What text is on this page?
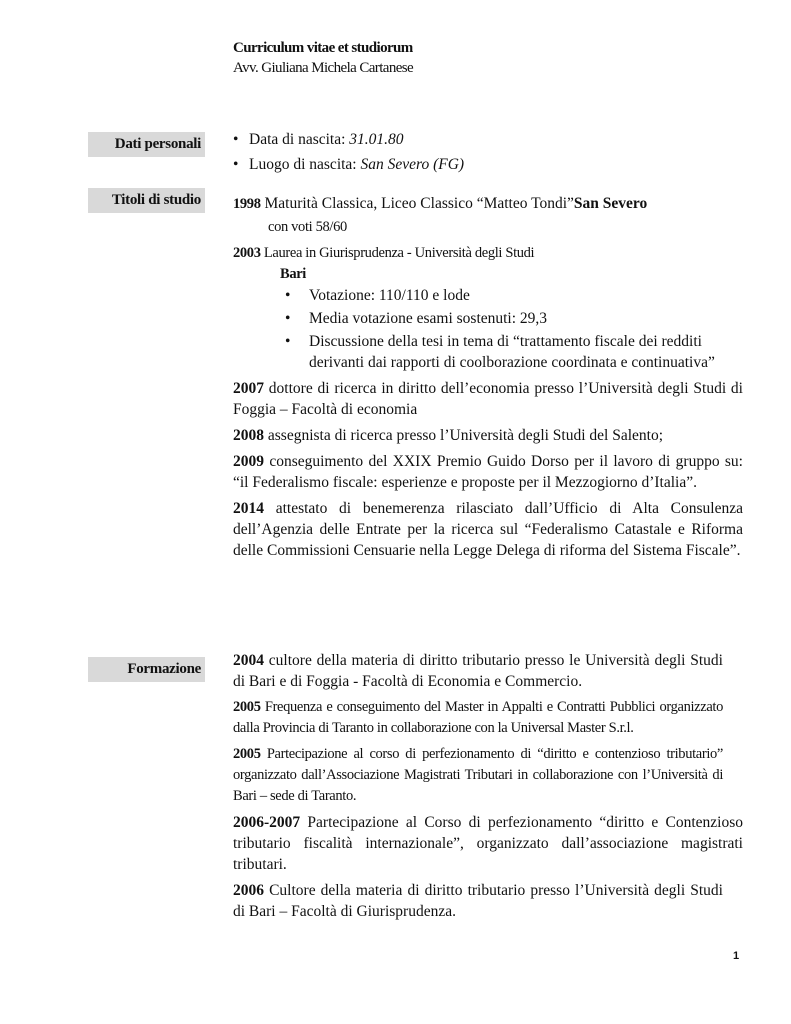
Curriculum vitae et studiorum
Avv. Giuliana Michela Cartanese
Dati personali • Data di nascita: 31.01.80
• Luogo di nascita: San Severo (FG)
Titoli di studio 1998 Maturità Classica, Liceo Classico “Matteo Tondi”San Severo

con voti 58/60

2003 Laurea in Giurisprudenza - Università degli Studi

Bari

• Votazione: 110/110 e lode
• Media votazione esami sostenuti: 29,3
• Discussione della tesi in tema di “trattamento fiscale dei redditi derivanti dai rapporti di coolborazione coordinata e continuativa”

2007 dottore di ricerca in diritto dell’economia presso l’Università degli Studi di Foggia – Facoltà di economia

2008 assegnista di ricerca presso l’Università degli Studi del Salento;

2009 conseguimento del XXIX Premio Guido Dorso per il lavoro di gruppo su: “il Federalismo fiscale: esperienze e proposte per il Mezzogiorno d’Italia”.

2014 attestato di benemerenza rilasciato dall’Ufficio di Alta Consulenza dell’Agenzia delle Entrate per la ricerca sul “Federalismo Catastale e Riforma delle Commissioni Censuarie nella Legge Delega di riforma del Sistema Fiscale”.

Formazione 2004 cultore della materia di diritto tributario presso le Università degli Studi di Bari e di Foggia - Facoltà di Economia e Commercio.

2005 Frequenza e conseguimento del Master in Appalti e Contratti Pubblici organizzato dalla Provincia di Taranto in collaborazione con la Universal Master S.r.l.

2005 Partecipazione al corso di perfezionamento di “diritto e contenzioso tributario” organizzato dall’Associazione Magistrati Tributari in collaborazione con l’Università di Bari – sede di Taranto.

2006-2007 Partecipazione al Corso di perfezionamento “diritto e Contenzioso tributario fiscalità internazionale”, organizzato dall’associazione magistrati tributari.

2006 Cultore della materia di diritto tributario presso l’Università degli Studi di Bari – Facoltà di Giurisprudenza.

1
